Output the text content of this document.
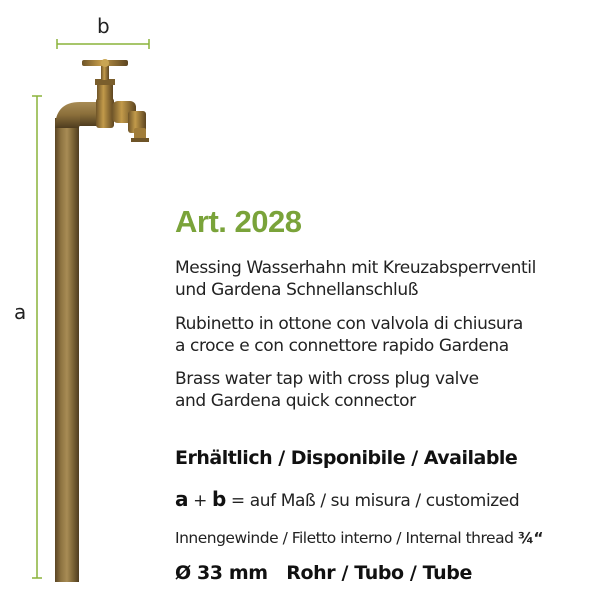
b
a
Art. 2028
Messing Wasserhahn mit Kreuzabsperrventil
und Gardena Schnellanschluß
Rubinetto in ottone con valvola di chiusura
a croce e con connettore rapido Gardena
Brass water tap with cross plug valve
and Gardena quick connector
Erhältlich / Disponibile / Available
a + b = auf Maß / su misura / customized
Innengewinde / Filetto interno / Internal thread ¾“
Ø 33 mm Rohr / Tubo / Tube
